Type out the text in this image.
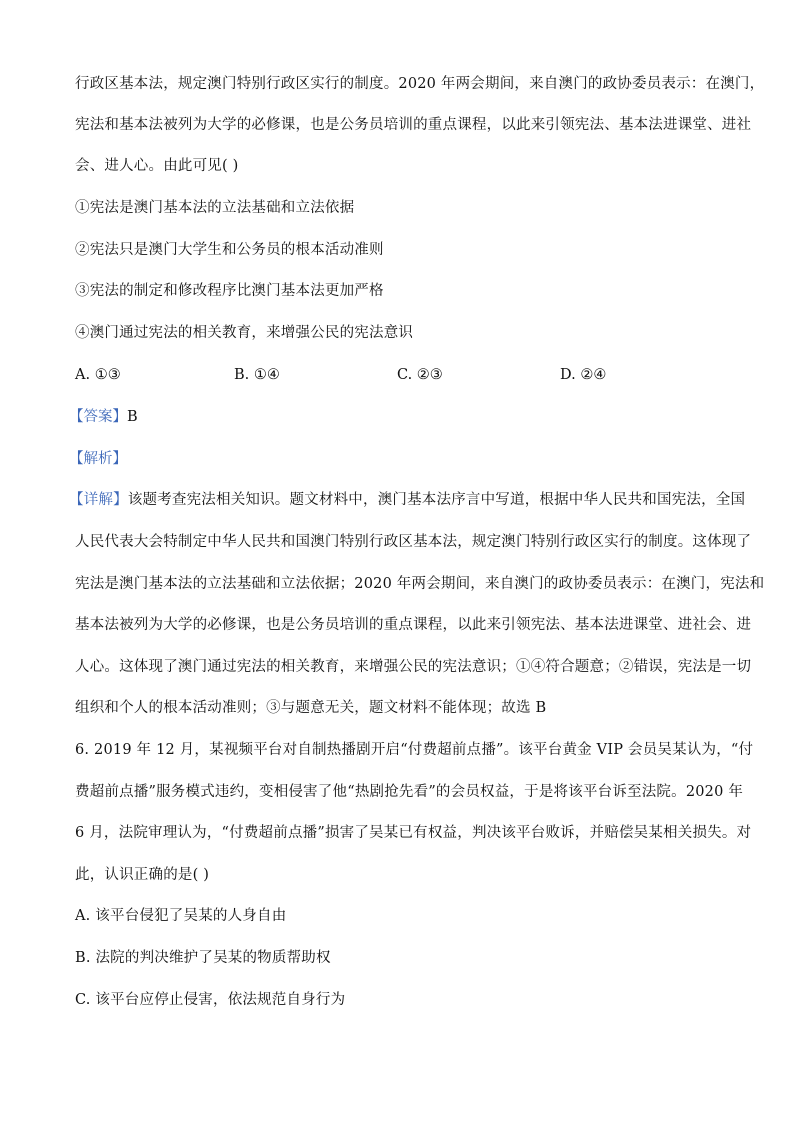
行政区基本法，规定澳门特别行政区实行的制度。2020 年两会期间，来自澳门的政协委员表示：在澳门，
宪法和基本法被列为大学的必修课，也是公务员培训的重点课程，以此来引领宪法、基本法进课堂、进社
会、进人心。由此可见( )
①宪法是澳门基本法的立法基础和立法依据
②宪法只是澳门大学生和公务员的根本活动准则
③宪法的制定和修改程序比澳门基本法更加严格
④澳门通过宪法的相关教育，来增强公民的宪法意识
A. ①③	B. ①④	C. ②③	D. ②④
【答案】B
【解析】
【详解】该题考查宪法相关知识。题文材料中，澳门基本法序言中写道，根据中华人民共和国宪法，全国
人民代表大会特制定中华人民共和国澳门特别行政区基本法，规定澳门特别行政区实行的制度。这体现了
宪法是澳门基本法的立法基础和立法依据；2020 年两会期间，来自澳门的政协委员表示：在澳门，宪法和
基本法被列为大学的必修课，也是公务员培训的重点课程，以此来引领宪法、基本法进课堂、进社会、进
人心。这体现了澳门通过宪法的相关教育，来增强公民的宪法意识；①④符合题意；②错误，宪法是一切
组织和个人的根本活动准则；③与题意无关，题文材料不能体现；故选 B
6. 2019 年 12 月，某视频平台对自制热播剧开启“付费超前点播”。该平台黄金 VIP 会员吴某认为，“付
费超前点播”服务模式违约，变相侵害了他“热剧抢先看”的会员权益，于是将该平台诉至法院。2020 年
6 月，法院审理认为，“付费超前点播”损害了吴某已有权益，判决该平台败诉，并赔偿吴某相关损失。对
此，认识正确的是( )
A. 该平台侵犯了吴某的人身自由
B. 法院的判决维护了吴某的物质帮助权
C. 该平台应停止侵害，依法规范自身行为
